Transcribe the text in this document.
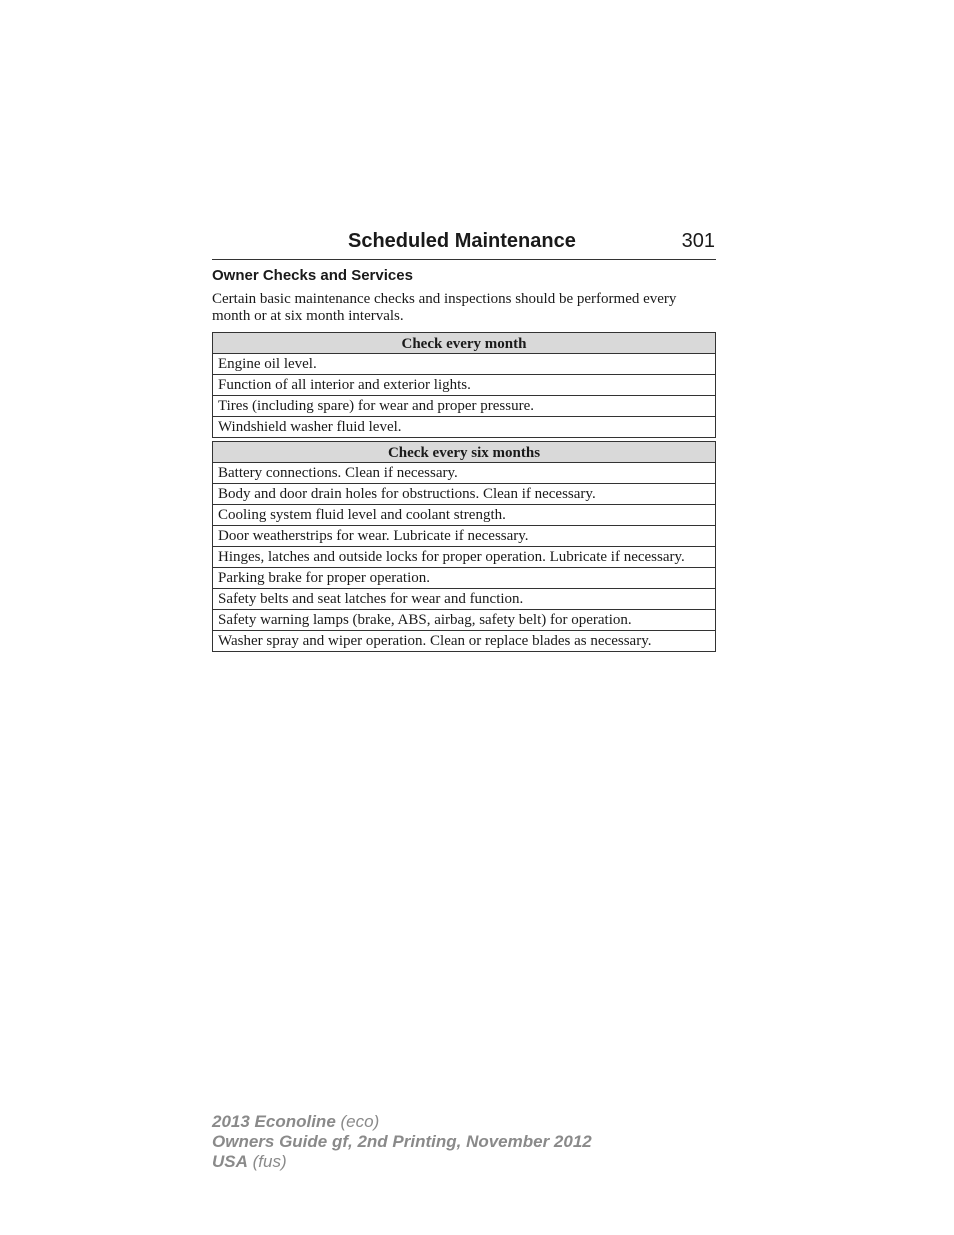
Scheduled Maintenance	301
Owner Checks and Services
Certain basic maintenance checks and inspections should be performed every month or at six month intervals.
Check every month
Engine oil level.
Function of all interior and exterior lights.
Tires (including spare) for wear and proper pressure.
Windshield washer fluid level.
Check every six months
Battery connections. Clean if necessary.
Body and door drain holes for obstructions. Clean if necessary.
Cooling system fluid level and coolant strength.
Door weatherstrips for wear. Lubricate if necessary.
Hinges, latches and outside locks for proper operation. Lubricate if necessary.
Parking brake for proper operation.
Safety belts and seat latches for wear and function.
Safety warning lamps (brake, ABS, airbag, safety belt) for operation.
Washer spray and wiper operation. Clean or replace blades as necessary.
2013 Econoline (eco)
Owners Guide gf, 2nd Printing, November 2012
USA (fus)
